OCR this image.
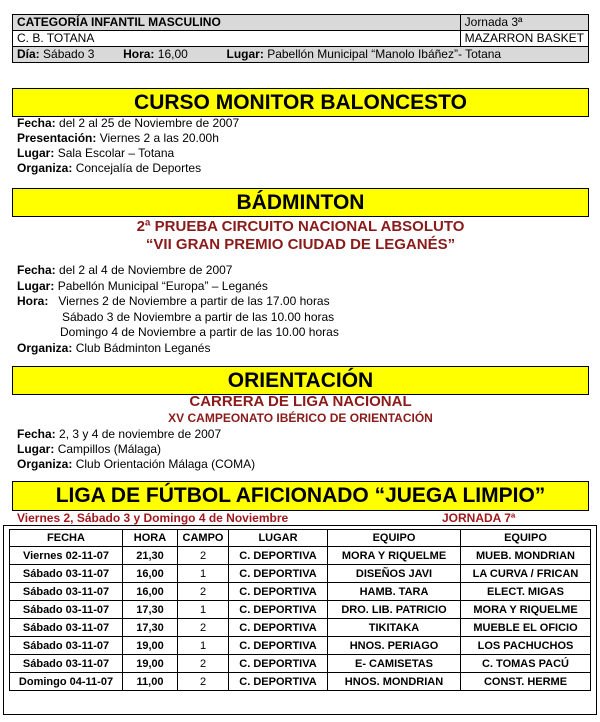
CATEGORÍA INFANTIL MASCULINO	Jornada 3ª
C. B. TOTANA	MAZARRON BASKET
Día: Sábado 3 Hora: 16,00 Lugar: Pabellón Municipal “Manolo Ibáñez”- Totana	
CURSO MONITOR BALONCESTO
Fecha: del 2 al 25 de Noviembre de 2007
Presentación: Viernes 2 a las 20.00h
Lugar: Sala Escolar – Totana
Organiza: Concejalía de Deportes
BÁDMINTON
2ª PRUEBA CIRCUITO NACIONAL ABSOLUTO
“VII GRAN PREMIO CIUDAD DE LEGANÉS”
Fecha: del 2 al 4 de Noviembre de 2007
Lugar: Pabellón Municipal “Europa” – Leganés
Hora: Viernes 2 de Noviembre a partir de las 17.00 horas
Sábado 3 de Noviembre a partir de las 10.00 horas
Domingo 4 de Noviembre a partir de las 10.00 horas
Organiza: Club Bádminton Leganés
ORIENTACIÓN
CARRERA DE LIGA NACIONAL
XV CAMPEONATO IBÉRICO DE ORIENTACIÓN
Fecha: 2, 3 y 4 de noviembre de 2007
Lugar: Campillos (Málaga)
Organiza: Club Orientación Málaga (COMA)
LIGA DE FÚTBOL AFICIONADO “JUEGA LIMPIO”
Viernes 2, Sábado 3 y Domingo 4 de Noviembre	JORNADA 7ª
FECHA	HORA	CAMPO	LUGAR	EQUIPO	EQUIPO
Viernes 02-11-07	21,30	2	C. DEPORTIVA	MORA Y RIQUELME	MUEB. MONDRIAN
Sábado 03-11-07	16,00	1	C. DEPORTIVA	DISEÑOS JAVI	LA CURVA / FRICAN
Sábado 03-11-07	16,00	2	C. DEPORTIVA	HAMB. TARA	ELECT. MIGAS
Sábado 03-11-07	17,30	1	C. DEPORTIVA	DRO. LIB. PATRICIO	MORA Y RIQUELME
Sábado 03-11-07	17,30	2	C. DEPORTIVA	TIKITAKA	MUEBLE EL OFICIO
Sábado 03-11-07	19,00	1	C. DEPORTIVA	HNOS. PERIAGO	LOS PACHUCHOS
Sábado 03-11-07	19,00	2	C. DEPORTIVA	E- CAMISETAS	C. TOMAS PACÚ
Domingo 04-11-07	11,00	2	C. DEPORTIVA	HNOS. MONDRIAN	CONST. HERME
